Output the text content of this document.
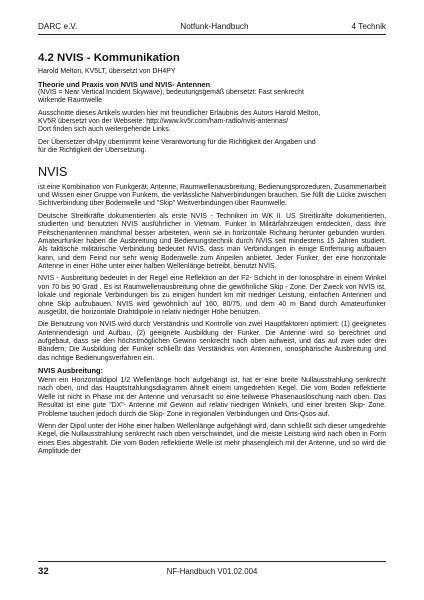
DARC e.V.	Notfunk-Handbuch	4 Technik
4.2 NVIS - Kommunikation

Harold Melton, KV5LT, übersetzt von DH4PY

Theorie und Praxis von NVIS und NVIS- Antennen

(NVIS = Near Vertical Incident Skywave), bedeutungsgemäß übersetzt: Fast senkrecht
wirkende Raumwelle

Ausschnitte dieses Artikels wurden hier mit freundlicher Erlaubnis des Autors Harold Melton,
KV5R übersetzt von der Webseite: http://www.kv5r.com/ham-radio/nvis-antennas/
Dort finden sich auch weitergehende Links.

Der Übersetzer dh4py übernimmt keine Verantwortung für die Richtigkeit der Angaben und
für die Richtigkeit der Übersetzung.

NVIS

ist eine Kombination von Funkgerät, Antenne, Raumwellenausbreitung, Bedienungsprozeduren, Zusammenarbeit und Wissen einer Gruppe von Funkern, die verlässliche Nahverbindungen brauchen. Sie füllt die Lücke zwischen Sichtverbindung über Bodenwelle und "Skip" Weitverbindungen über Raumwelle.

Deutsche Streitkräfte dokumentierten als erste NVIS - Techniken im WK II. US Streitkräfte dokumentierten, studierten und benutzten NVIS ausführlicher in Vietnam. Funker in Militärfahrzeugen entdeckten, dass ihre Peitschenantennen manchmal besser arbeiteten, wenn sie in horizontale Richtung herunter gebunden wurden. Amateurfunker haben die Ausbreitung und Bedienungstechnik durch NVIS seit mindestens 15 Jahren studiert. Als taktische militärische Verbindung bedeutet NVIS, dass man Verbindungen in einige Entfernung aufbauen kann, und dem Feind nur sehr wenig Bodenwelle zum Anpeilen anbietet. Jeder Funker, der eine horizontale Antenne in einer Höhe unter einer halben Wellenlänge betreibt, benutzt NVIS.

NVIS - Ausbreitung bedeutet in der Regel eine Reflektion an der F2- Schicht in der Ionosphäre in einem Winkel von 70 bis 90 Grad . Es ist Raumwellenausbreitung ohne die gewöhnliche Skip - Zone. Der Zweck von NVIS ist, lokale und regionale Verbindungen bis zu einigen hundert km mit niedriger Leistung, einfachen Antennen und ohne Skip aufzubauen. NVIS wird gewöhnlich auf 160, 80/75, und dem 40 m Band durch Amateurfunker ausgeübt, die horizontale Drahtdipole in relativ niedriger Höhe benutzen.

Die Benutzung von NVIS wird durch Verständnis und Kontrolle von zwei Hauptfaktoren optimiert: (1) geeignetes Antennendesign und Aufbau, (2) geeignete Ausbildung der Funker. Die Antenne wird so berechnet und aufgebaut, dass sie den höchstmöglichen Gewinn senkrecht nach oben aufweist, und das auf zwei oder drei Bändern; Die Ausbildung der Funker schließt das Verständnis von Antennen, ionosphärische Ausbreitung und das richtige Bedienungsverfahren ein.

NVIS Ausbreitung:

Wenn ein Horizontaldipol 1/2 Wellenlänge hoch aufgehängt ist, hat er eine breite Nullausstrahlung senkrecht nach oben, und das Hauptstrahlungsdiagramm ähnelt einem umgedrehten Kegel. Die vom Boden reflektierte Welle ist nicht in Phase mit der Antenne und verursacht so eine teilweise Phasenauslöschung nach oben. Das Resultat ist eine gute "DX"- Antenne mit Gewinn auf relativ niedrigen Winkeln, und einer breiten Skip- Zone. Probleme tauchen jedoch durch die Skip- Zone in regionalen Verbindungen und Orts-Qsos auf.

Wenn der Dipol unter der Höhe einer halben Wellenlänge aufgehängt wird, dann schließt sich dieser umgedrehte Kegel, die Nullausstrahlung senkrecht nach oben verschwindet, und die meiste Leistung wird nach oben in Form eines Eies abgestrahlt. Die vom Boden reflektierte Welle ist mehr phasengleich mit der Antenne, und so wird die Amplitude der

32	NF-Handbuch V01.02.004
